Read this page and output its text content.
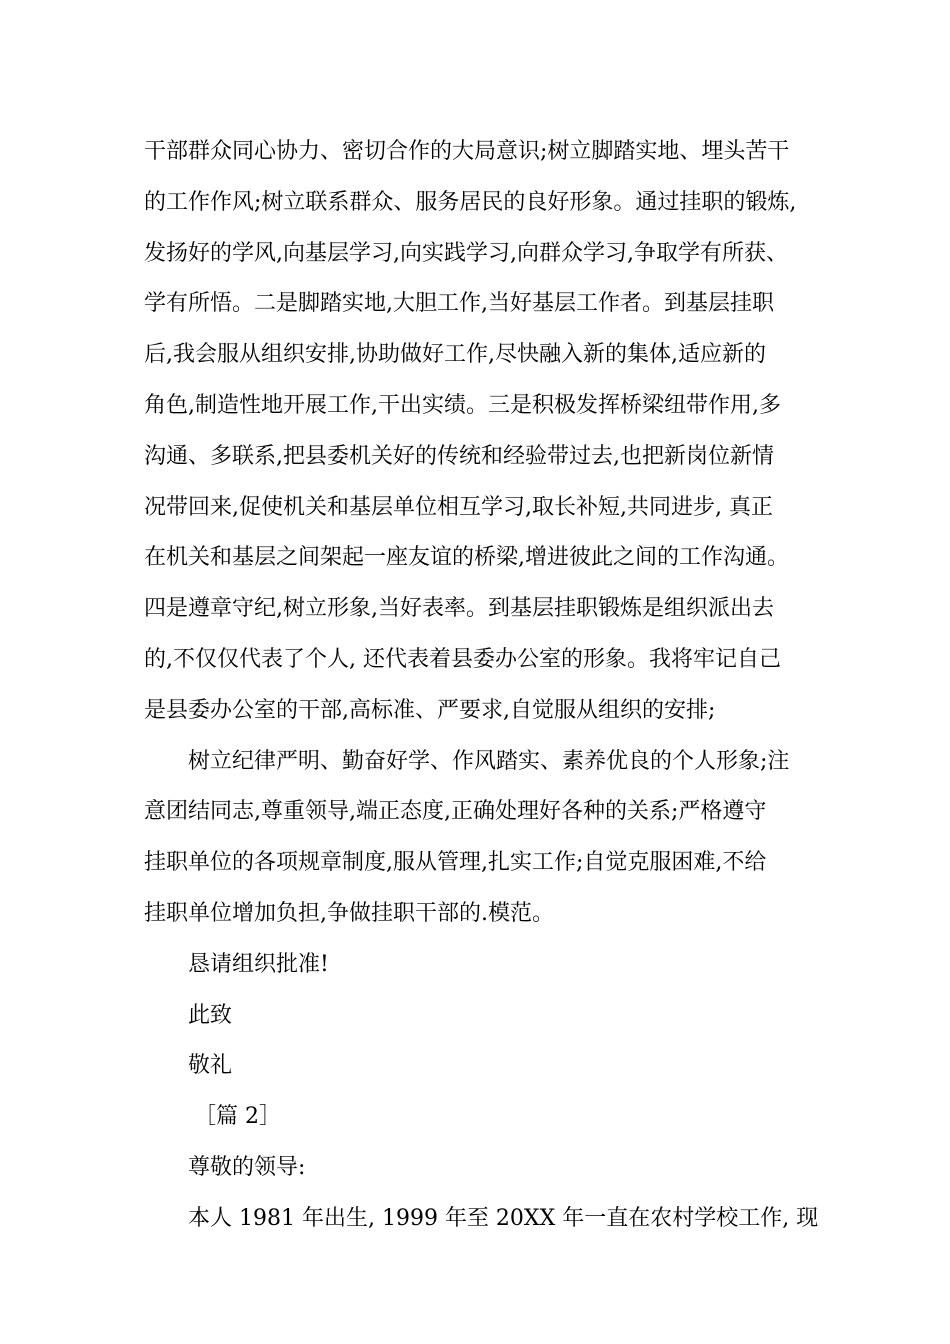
干部群众同心协力、密切合作的大局意识;树立脚踏实地、埋头苦干
的工作作风;树立联系群众、服务居民的良好形象。通过挂职的锻炼,
发扬好的学风,向基层学习,向实践学习,向群众学习,争取学有所获、
学有所悟。二是脚踏实地,大胆工作,当好基层工作者。到基层挂职
后,我会服从组织安排,协助做好工作,尽快融入新的集体,适应新的
角色,制造性地开展工作,干出实绩。三是积极发挥桥梁纽带作用,多
沟通、多联系,把县委机关好的传统和经验带过去,也把新岗位新情
况带回来,促使机关和基层单位相互学习,取长补短,共同进步, 真正
在机关和基层之间架起一座友谊的桥梁,增进彼此之间的工作沟通。
四是遵章守纪,树立形象,当好表率。到基层挂职锻炼是组织派出去
的,不仅仅代表了个人, 还代表着县委办公室的形象。我将牢记自己
是县委办公室的干部,高标准、严要求,自觉服从组织的安排;
树立纪律严明、勤奋好学、作风踏实、素养优良的个人形象;注
意团结同志,尊重领导,端正态度,正确处理好各种的关系;严格遵守
挂职单位的各项规章制度,服从管理,扎实工作;自觉克服困难,不给
挂职单位增加负担,争做挂职干部的.模范。
恳请组织批准!
此致
敬礼
［篇 2］
尊敬的领导:
本人 1981 年出生, 1999 年至 20XX 年一直在农村学校工作, 现
